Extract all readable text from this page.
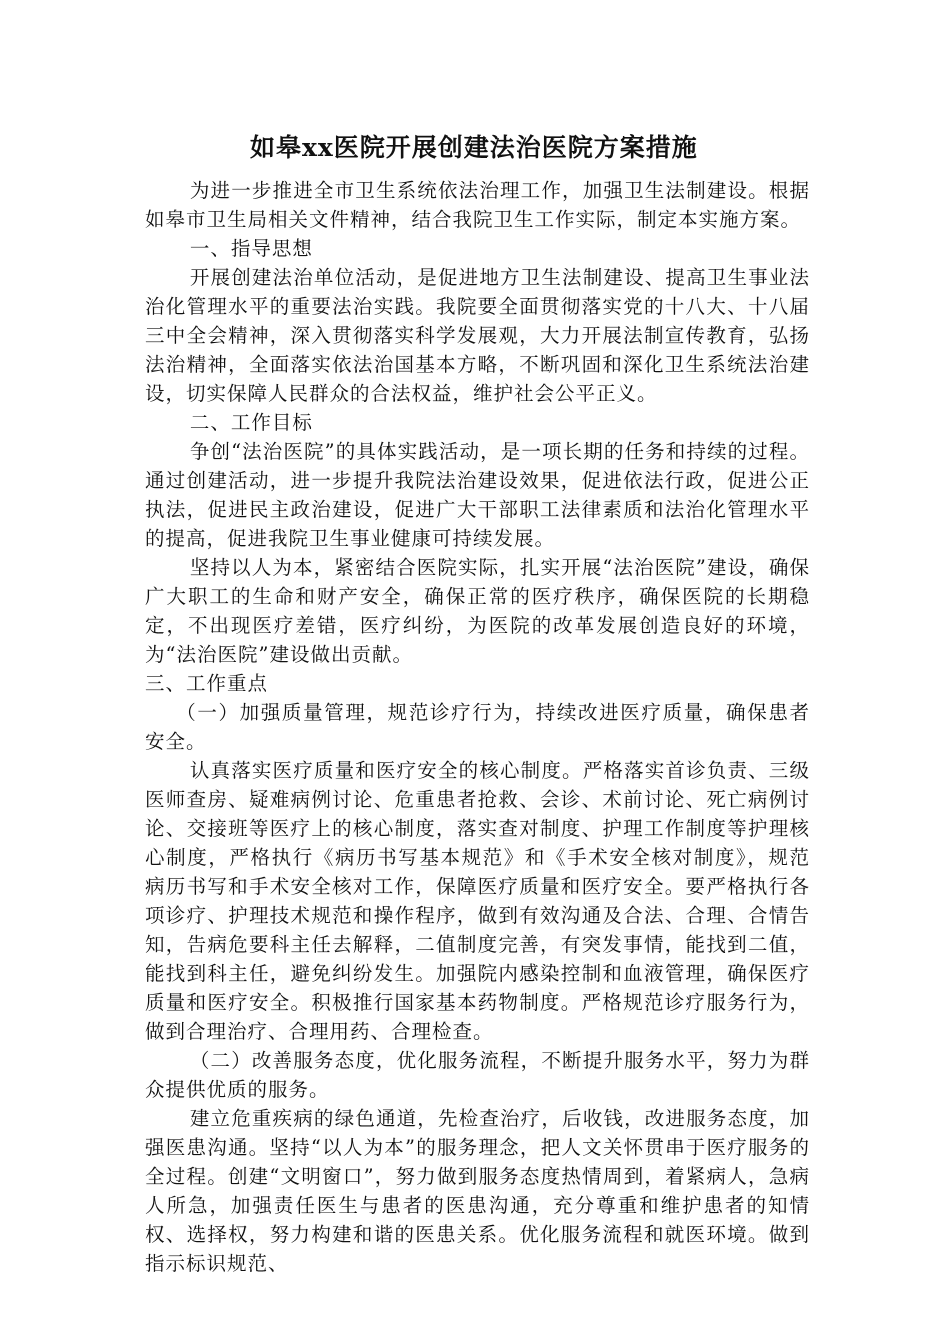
如皋xx医院开展创建法治医院方案措施

为进一步推进全市卫生系统依法治理工作，加强卫生法制建设。根据如皋市卫生局相关文件精神，结合我院卫生工作实际，制定本实施方案。

一、指导思想

开展创建法治单位活动，是促进地方卫生法制建设、提高卫生事业法治化管理水平的重要法治实践。我院要全面贯彻落实党的十八大、十八届三中全会精神，深入贯彻落实科学发展观，大力开展法制宣传教育，弘扬法治精神，全面落实依法治国基本方略，不断巩固和深化卫生系统法治建设，切实保障人民群众的合法权益，维护社会公平正义。

二、工作目标

争创“法治医院”的具体实践活动，是一项长期的任务和持续的过程。通过创建活动，进一步提升我院法治建设效果，促进依法行政，促进公正执法，促进民主政治建设，促进广大干部职工法律素质和法治化管理水平的提高，促进我院卫生事业健康可持续发展。

坚持以人为本，紧密结合医院实际，扎实开展“法治医院”建设，确保广大职工的生命和财产安全，确保正常的医疗秩序，确保医院的长期稳定，不出现医疗差错，医疗纠纷，为医院的改革发展创造良好的环境，为“法治医院”建设做出贡献。

三、工作重点

（一）加强质量管理，规范诊疗行为，持续改进医疗质量，确保患者安全。

认真落实医疗质量和医疗安全的核心制度。严格落实首诊负责、三级医师查房、疑难病例讨论、危重患者抢救、会诊、术前讨论、死亡病例讨论、交接班等医疗上的核心制度，落实查对制度、护理工作制度等护理核心制度，严格执行《病历书写基本规范》和《手术安全核对制度》，规范病历书写和手术安全核对工作，保障医疗质量和医疗安全。要严格执行各项诊疗、护理技术规范和操作程序，做到有效沟通及合法、合理、合情告知，告病危要科主任去解释，二值制度完善，有突发事情，能找到二值，能找到科主任，避免纠纷发生。加强院内感染控制和血液管理，确保医疗质量和医疗安全。积极推行国家基本药物制度。严格规范诊疗服务行为，做到合理治疗、合理用药、合理检查。

（二）改善服务态度，优化服务流程，不断提升服务水平，努力为群众提供优质的服务。

建立危重疾病的绿色通道，先检查治疗，后收钱，改进服务态度，加强医患沟通。坚持“以人为本”的服务理念，把人文关怀贯串于医疗服务的全过程。创建“文明窗口”，努力做到服务态度热情周到，着紧病人，急病人所急，加强责任医生与患者的医患沟通，充分尊重和维护患者的知情权、选择权，努力构建和谐的医患关系。优化服务流程和就医环境。做到指示标识规范、
